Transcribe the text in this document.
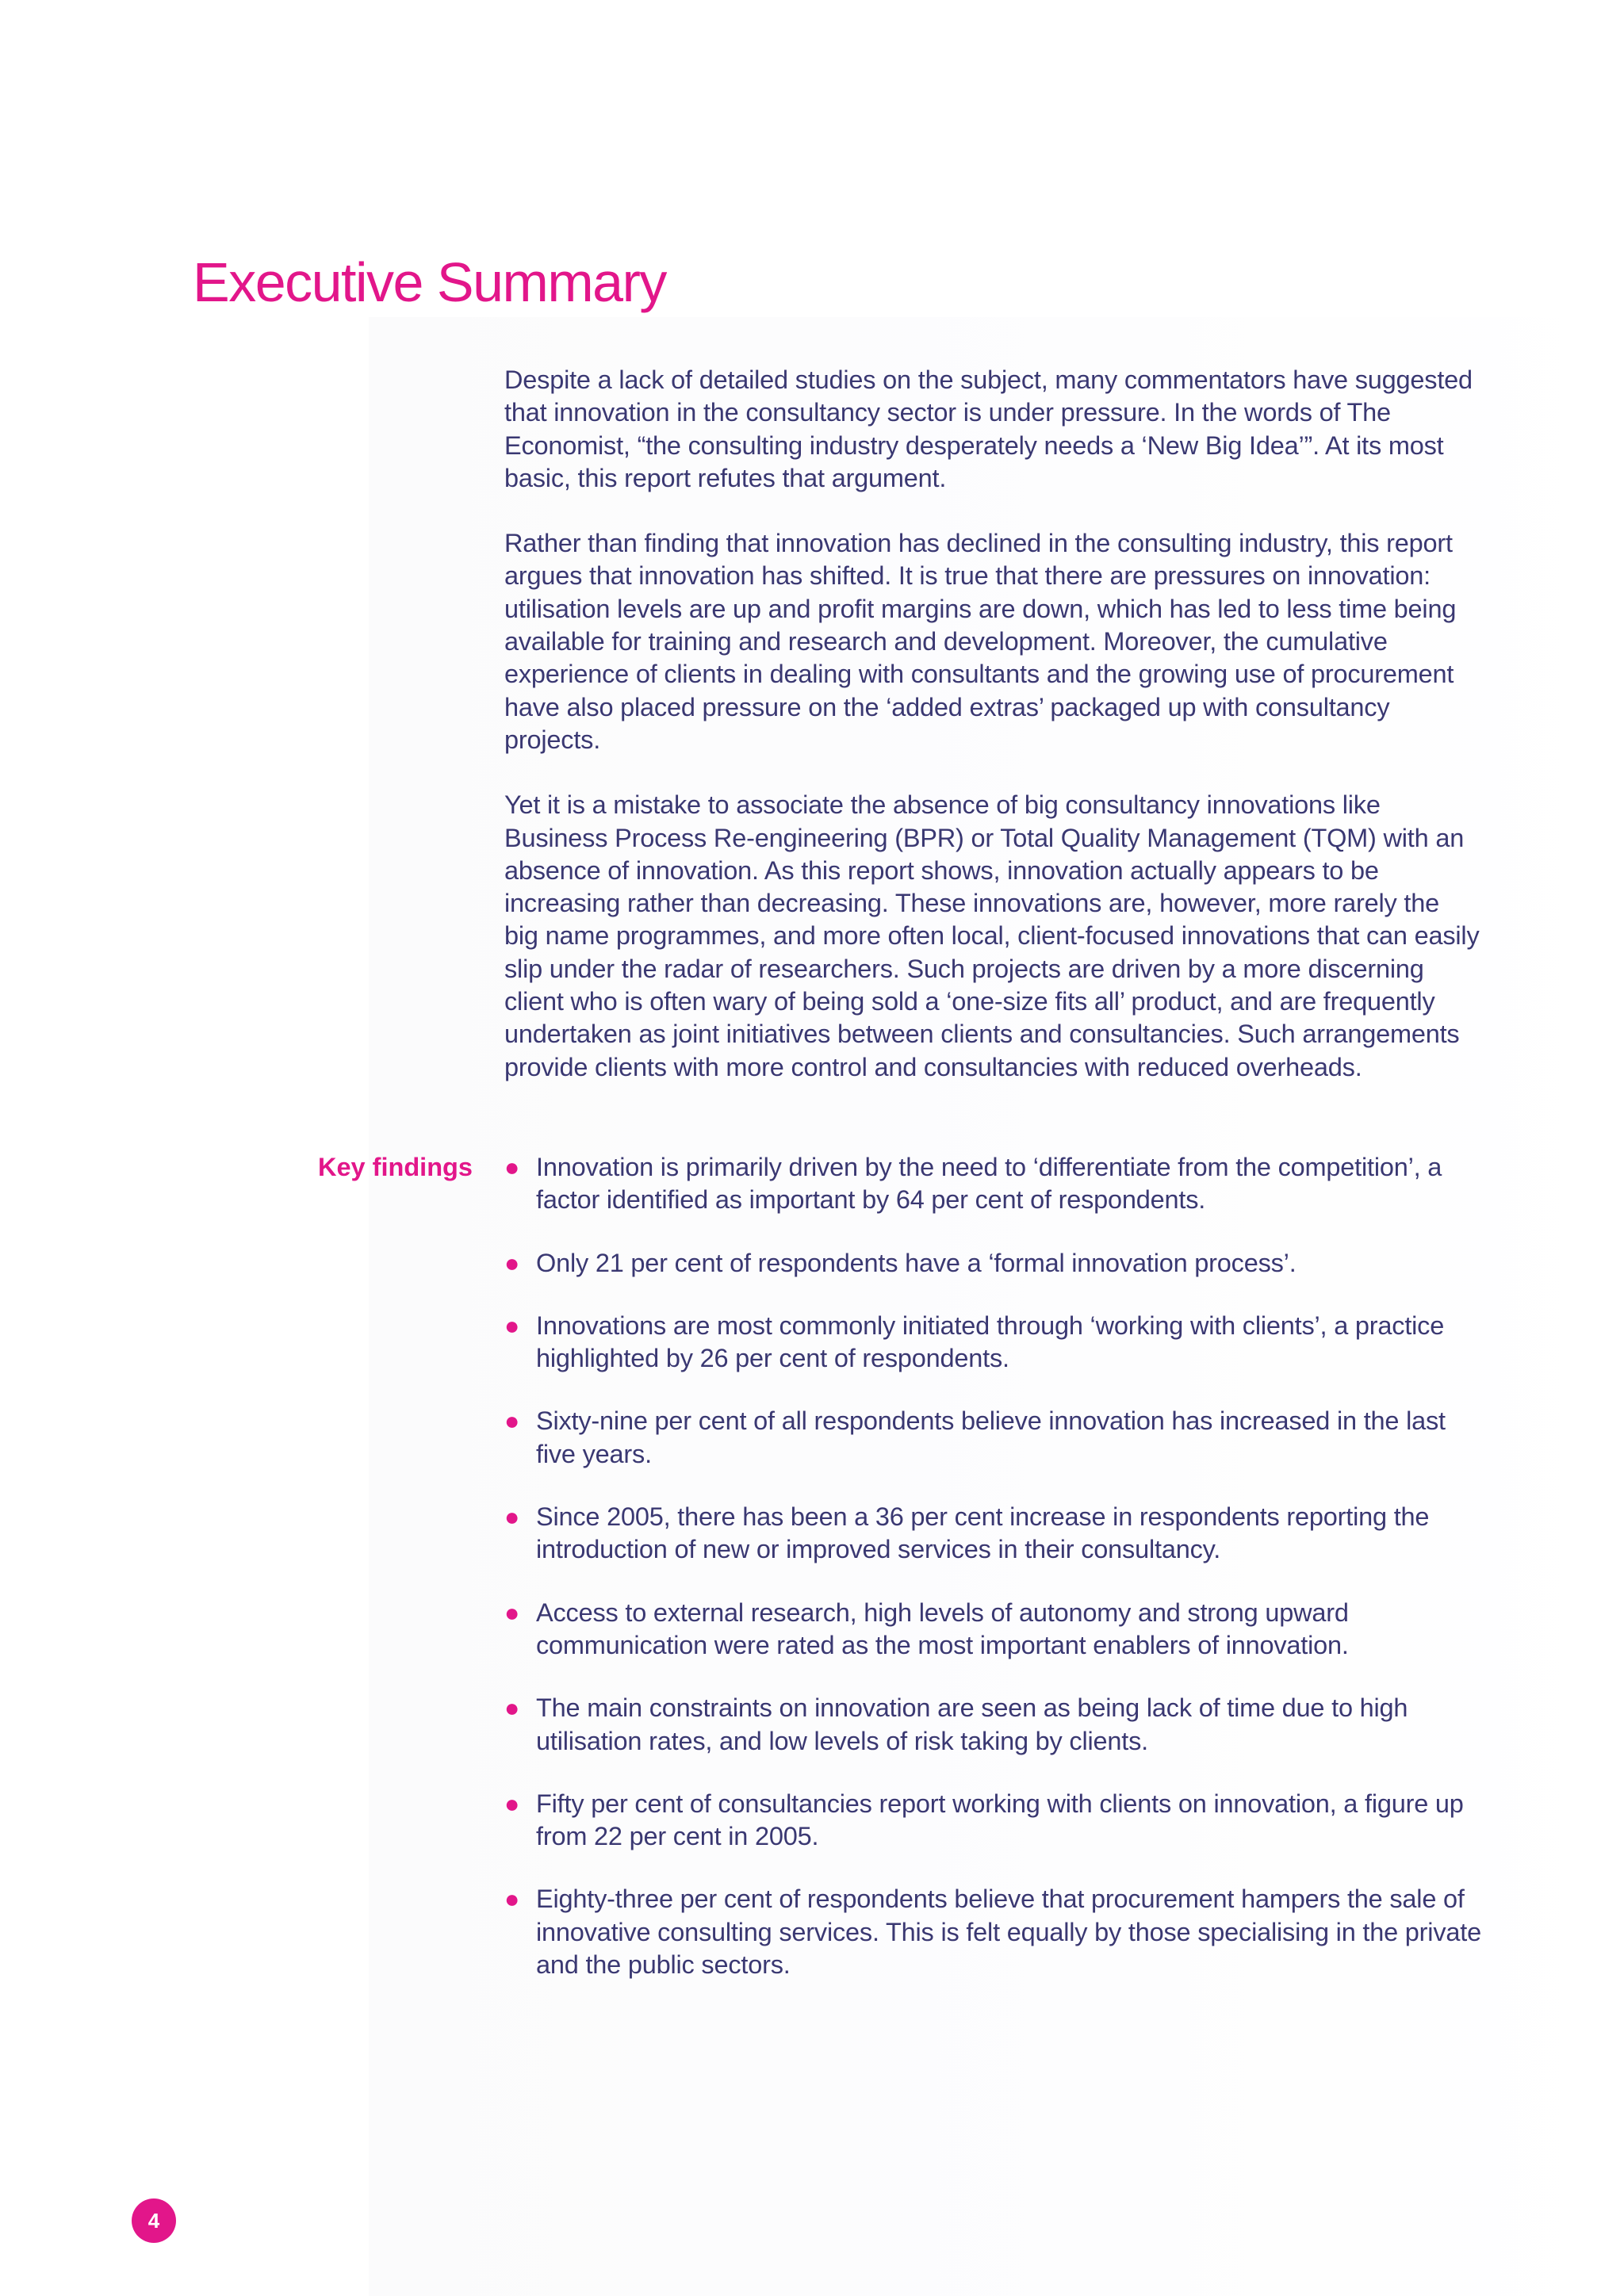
Executive Summary

Despite a lack of detailed studies on the subject, many commentators have suggested that innovation in the consultancy sector is under pressure. In the words of The Economist, “the consulting industry desperately needs a ‘New Big Idea’”. At its most basic, this report refutes that argument.

Rather than finding that innovation has declined in the consulting industry, this report argues that innovation has shifted. It is true that there are pressures on innovation: utilisation levels are up and profit margins are down, which has led to less time being available for training and research and development. Moreover, the cumulative experience of clients in dealing with consultants and the growing use of procurement have also placed pressure on the ‘added extras’ packaged up with consultancy projects.

Yet it is a mistake to associate the absence of big consultancy innovations like Business Process Re-engineering (BPR) or Total Quality Management (TQM) with an absence of innovation. As this report shows, innovation actually appears to be increasing rather than decreasing. These innovations are, however, more rarely the big name programmes, and more often local, client-focused innovations that can easily slip under the radar of researchers. Such projects are driven by a more discerning client who is often wary of being sold a ‘one-size fits all’ product, and are frequently undertaken as joint initiatives between clients and consultancies. Such arrangements provide clients with more control and consultancies with reduced overheads.

Key findings ● Innovation is primarily driven by the need to ‘differentiate from the competition’, a factor identified as important by 64 per cent of respondents.
● Only 21 per cent of respondents have a ‘formal innovation process’.
● Innovations are most commonly initiated through ‘working with clients’, a practice highlighted by 26 per cent of respondents.
● Sixty-nine per cent of all respondents believe innovation has increased in the last five years.
● Since 2005, there has been a 36 per cent increase in respondents reporting the introduction of new or improved services in their consultancy.
● Access to external research, high levels of autonomy and strong upward communication were rated as the most important enablers of innovation.
● The main constraints on innovation are seen as being lack of time due to high utilisation rates, and low levels of risk taking by clients.
● Fifty per cent of consultancies report working with clients on innovation, a figure up from 22 per cent in 2005.
● Eighty-three per cent of respondents believe that procurement hampers the sale of innovative consulting services. This is felt equally by those specialising in the private and the public sectors.
4
